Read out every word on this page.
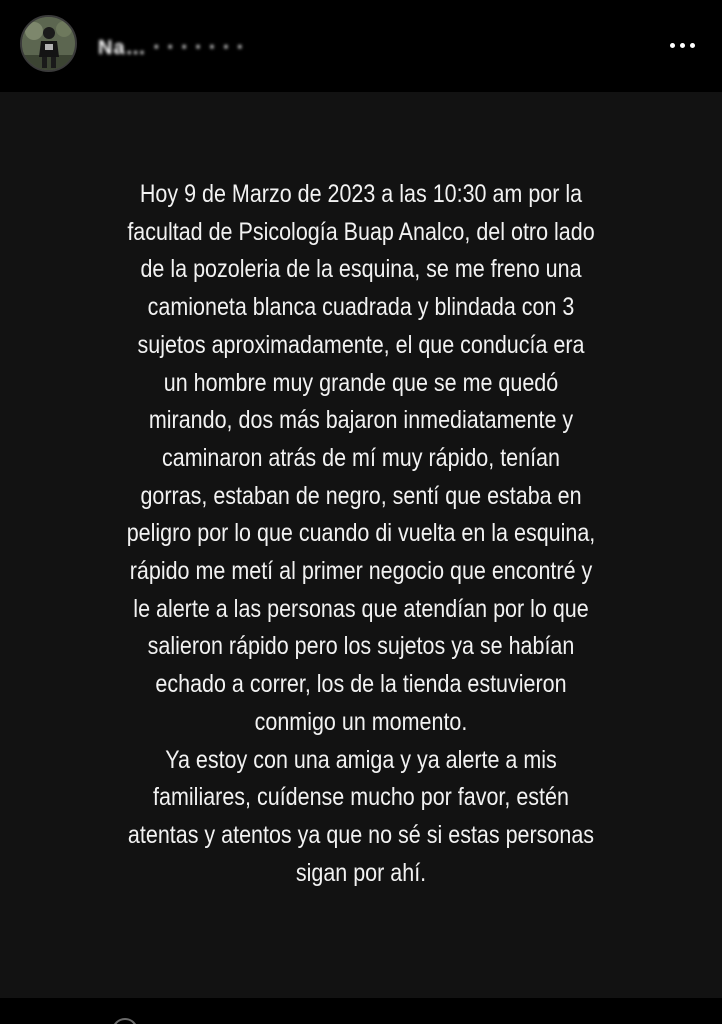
Na… ‧ ‧ ‧ ‧ ‧ ‧ ‧
Hoy 9 de Marzo de 2023 a las 10:30 am por la
facultad de Psicología Buap Analco, del otro lado
de la pozoleria de la esquina, se me freno una
camioneta blanca cuadrada y blindada con 3
sujetos aproximadamente, el que conducía era
un hombre muy grande que se me quedó
mirando, dos más bajaron inmediatamente y
caminaron atrás de mí muy rápido, tenían
gorras, estaban de negro, sentí que estaba en
peligro por lo que cuando di vuelta en la esquina,
rápido me metí al primer negocio que encontré y
le alerte a las personas que atendían por lo que
salieron rápido pero los sujetos ya se habían
echado a correr, los de la tienda estuvieron
conmigo un momento.
Ya estoy con una amiga y ya alerte a mis
familiares, cuídense mucho por favor, estén
atentas y atentos ya que no sé si estas personas
sigan por ahí.
